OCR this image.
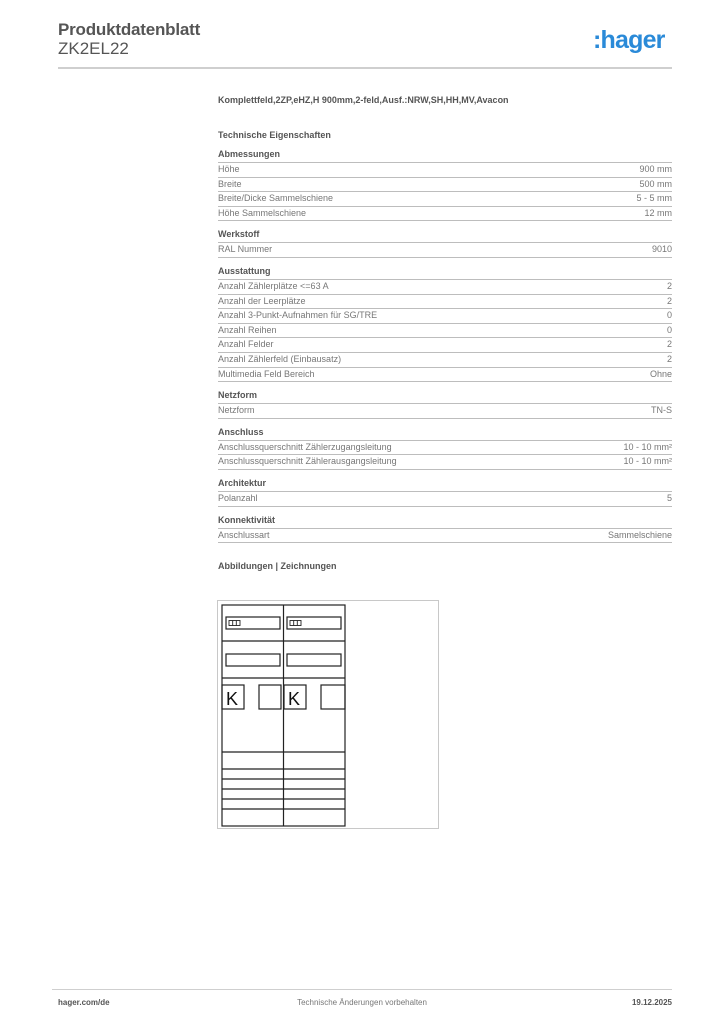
Produktdatenblatt
ZK2EL22	:hager
Komplettfeld,2ZP,eHZ,H 900mm,2-feld,Ausf.:NRW,SH,HH,MV,Avacon
Technische Eigenschaften
Abmessungen
Höhe	900 mm
Breite	500 mm
Breite/Dicke Sammelschiene	5 - 5 mm
Höhe Sammelschiene	12 mm
Werkstoff
RAL Nummer	9010
Ausstattung
Anzahl Zählerplätze <=63 A	2
Anzahl der Leerplätze	2
Anzahl 3-Punkt-Aufnahmen für SG/TRE	0
Anzahl Reihen	0
Anzahl Felder	2
Anzahl Zählerfeld (Einbausatz)	2
Multimedia Feld Bereich	Ohne
Netzform
Netzform	TN-S
Anschluss
Anschlussquerschnitt Zählerzugangsleitung	10 - 10 mm²
Anschlussquerschnitt Zählerausgangsleitung	10 - 10 mm²
Architektur
Polanzahl	5
Konnektivität
Anschlussart	Sammelschiene
Abbildungen | Zeichnungen
K	K
hager.com/de	Technische Änderungen vorbehalten	19.12.2025
